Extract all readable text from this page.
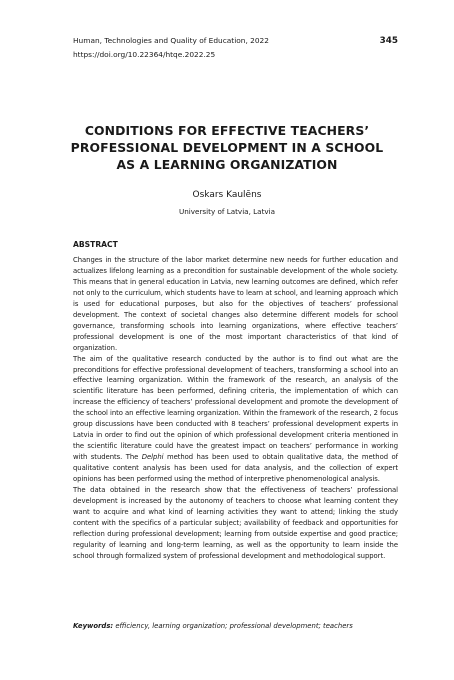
Human, Technologies and Quality of Education, 2022	345
https://doi.org/10.22364/htqe.2022.25
CONDITIONS FOR EFFECTIVE TEACHERS’ PROFESSIONAL DEVELOPMENT IN A SCHOOL AS A LEARNING ORGANIZATION
Oskars Kaulēns
University of Latvia, Latvia
ABSTRACT

Changes in the structure of the labor market determine new needs for further education and actualizes lifelong learning as a precondition for sustainable development of the whole society. This means that in general education in Latvia, new learning outcomes are defined, which refer not only to the curriculum, which students have to learn at school, and learning approach which is used for educational purposes, but also for the objectives of teachers’ professional development. The context of societal changes also determine different models for school governance, transforming schools into learning organizations, where effective teachers’ professional development is one of the most important characteristics of that kind of organization.

The aim of the qualitative research conducted by the author is to find out what are the preconditions for effective professional development of teachers, transforming a school into an effective learning organization. Within the framework of the research, an analysis of the scientific literature has been performed, defining criteria, the implementation of which can increase the efficiency of teachers’ professional development and promote the development of the school into an effective learning organization. Within the framework of the research, 2 focus group discussions have been conducted with 8 teachers’ professional development experts in Latvia in order to find out the opinion of which professional development criteria mentioned in the scientific literature could have the greatest impact on teachers’ performance in working with students. The Delphi method has been used to obtain qualitative data, the method of qualitative content analysis has been used for data analysis, and the collection of expert opinions has been performed using the method of interpretive phenomenological analysis.

The data obtained in the research show that the effectiveness of teachers’ professional development is increased by the autonomy of teachers to choose what learning content they want to acquire and what kind of learning activities they want to attend; linking the study content with the specifics of a particular subject; availability of feedback and opportunities for reflection during professional development; learning from outside expertise and good practice; regularity of learning and long-term learning, as well as the opportunity to learn inside the school through formalized system of professional development and methodological support.

Keywords: efficiency, learning organization; professional development; teachers
